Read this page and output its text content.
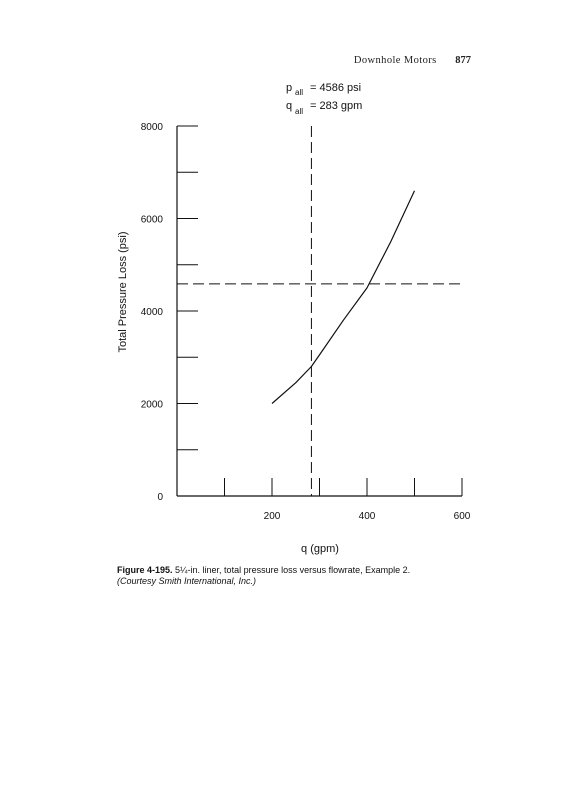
Downhole Motors 877
p all = 4586 psi
q all = 283 gpm
0
2000
4000
6000
8000
200	400	600
Total Pressure Loss (psi)
q (gpm)
Figure 4-195. 5¼-in. liner, total pressure loss versus flowrate, Example 2.
(Courtesy Smith International, Inc.)
